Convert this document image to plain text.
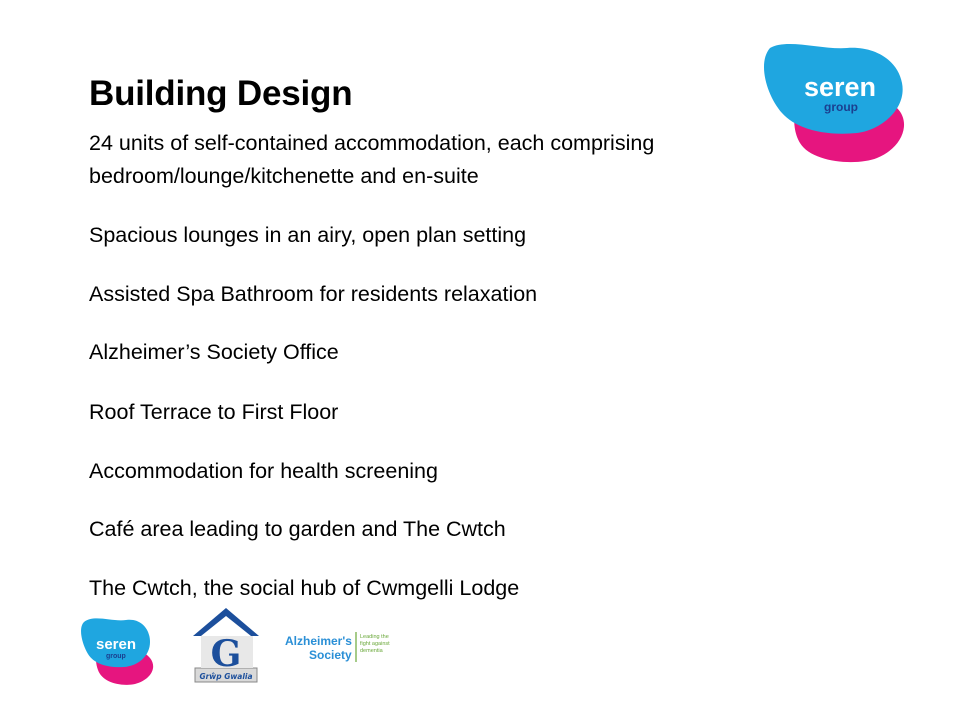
Building Design
24 units of self-contained accommodation, each comprising
bedroom/lounge/kitchenette and en-suite
Spacious lounges in an airy, open plan setting
Assisted Spa Bathroom for residents relaxation
Alzheimer’s Society Office
Roof Terrace to First Floor
Accommodation for health screening
Café area leading to garden and The Cwtch
The Cwtch, the social hub of Cwmgelli Lodge
seren
group
seren
group G
Grŵp Gwalia
Alzheimer's
Society
Leading the
fight against
dementia
